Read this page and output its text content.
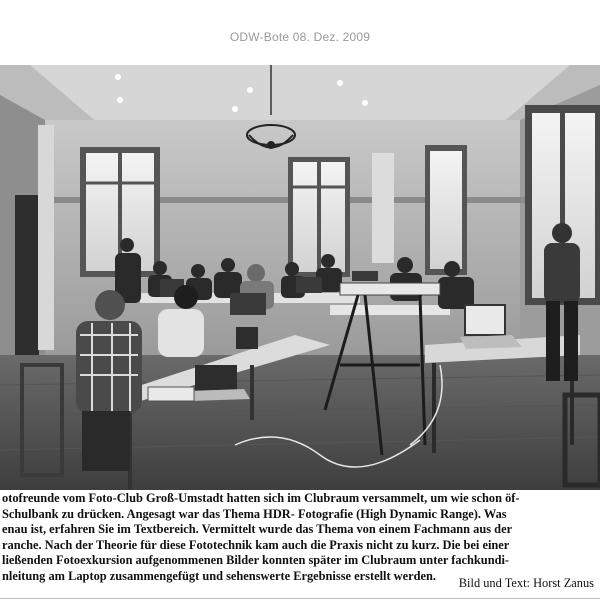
ODW-Bote 08. Dez. 2009
otofreunde vom Foto-Club Groß-Umstadt hatten sich im Clubraum versammelt, um wie schon öf-
Schulbank zu drücken. Angesagt war das Thema HDR- Fotografie (High Dynamic Range). Was
enau ist, erfahren Sie im Textbereich. Vermittelt wurde das Thema von einem Fachmann aus der
ranche. Nach der Theorie für diese Fototechnik kam auch die Praxis nicht zu kurz. Die bei einer
ließenden Fotoexkursion aufgenommenen Bilder konnten später im Clubraum unter fachkundi-
nleitung am Laptop zusammengefügt und sehenswerte Ergebnisse erstellt werden.
Bild und Text: Horst Zanus
